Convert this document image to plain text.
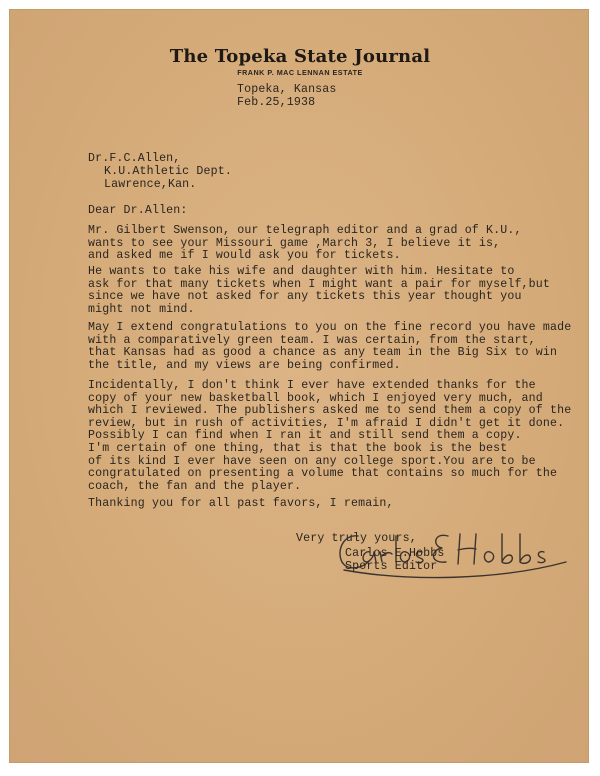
The Topeka State Journal
FRANK P. MAC LENNAN ESTATE
Topeka, Kansas
Feb.25,1938
Dr.F.C.Allen,
K.U.Athletic Dept.
Lawrence,Kan.
Dear Dr.Allen:
Mr. Gilbert Swenson, our telegraph editor and a grad of K.U.,
wants to see your Missouri game ,March 3, I believe it is,
and asked me if I would ask you for tickets.
He wants to take his wife and daughter with him. Hesitate to
ask for that many tickets when I might want a pair for myself,but
since we have not asked for any tickets this year thought you
might not mind.
May I extend congratulations to you on the fine record you have made
with a comparatively green team. I was certain, from the start,
that Kansas had as good a chance as any team in the Big Six to win
the title, and my views are being confirmed.
Incidentally, I don't think I ever have extended thanks for the
copy of your new basketball book, which I enjoyed very much, and
which I reviewed. The publishers asked me to send them a copy of the
review, but in rush of activities, I'm afraid I didn't get it done.
Possibly I can find when I ran it and still send them a copy.
I'm certain of one thing, that is that the book is the best
of its kind I ever have seen on any college sport.You are to be
congratulated on presenting a volume that contains so much for the
coach, the fan and the player.
Thanking you for all past favors, I remain,
Very truly yours,
Carlos E.Hobbs
Sports Editor
